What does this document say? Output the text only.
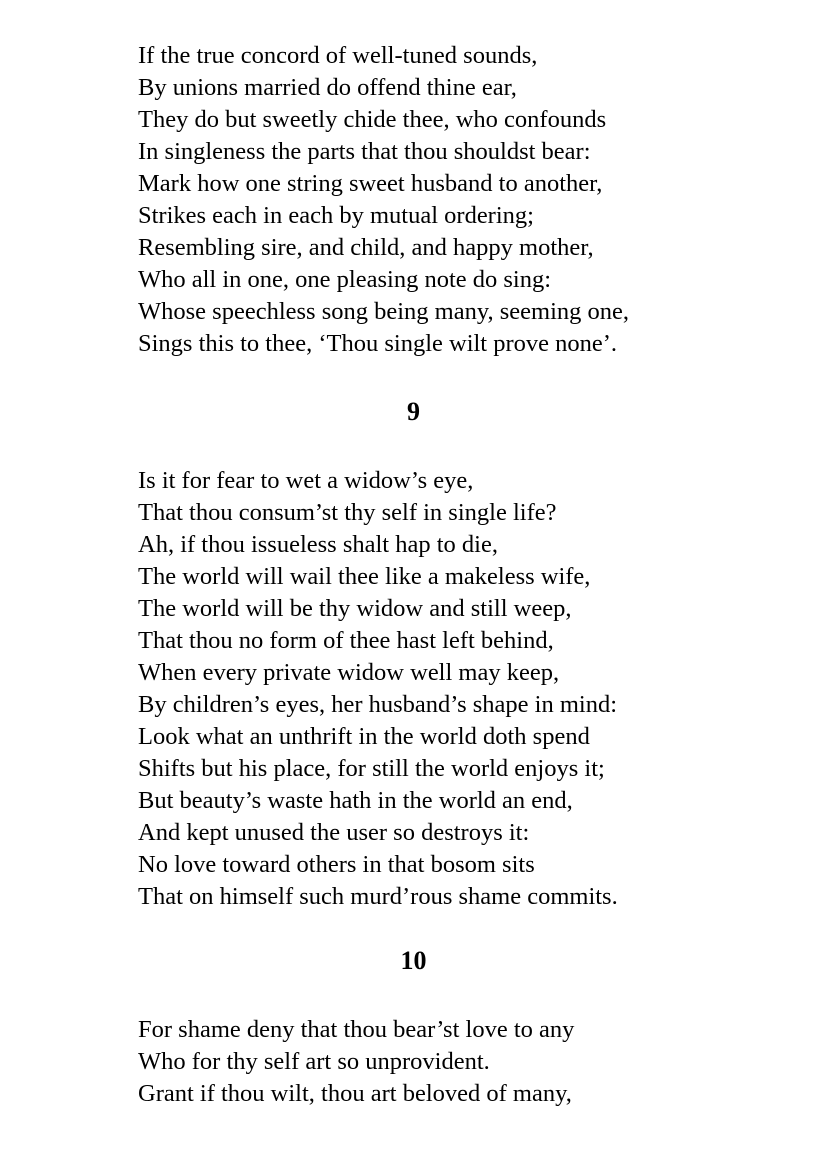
If the true concord of well-tuned sounds,
By unions married do offend thine ear,
They do but sweetly chide thee, who confounds
In singleness the parts that thou shouldst bear:
Mark how one string sweet husband to another,
Strikes each in each by mutual ordering;
Resembling sire, and child, and happy mother,
Who all in one, one pleasing note do sing:
Whose speechless song being many, seeming one,
Sings this to thee, ‘Thou single wilt prove none’.
9
Is it for fear to wet a widow’s eye,
That thou consum’st thy self in single life?
Ah, if thou issueless shalt hap to die,
The world will wail thee like a makeless wife,
The world will be thy widow and still weep,
That thou no form of thee hast left behind,
When every private widow well may keep,
By children’s eyes, her husband’s shape in mind:
Look what an unthrift in the world doth spend
Shifts but his place, for still the world enjoys it;
But beauty’s waste hath in the world an end,
And kept unused the user so destroys it:
No love toward others in that bosom sits
That on himself such murd’rous shame commits.
10
For shame deny that thou bear’st love to any
Who for thy self art so unprovident.
Grant if thou wilt, thou art beloved of many,
